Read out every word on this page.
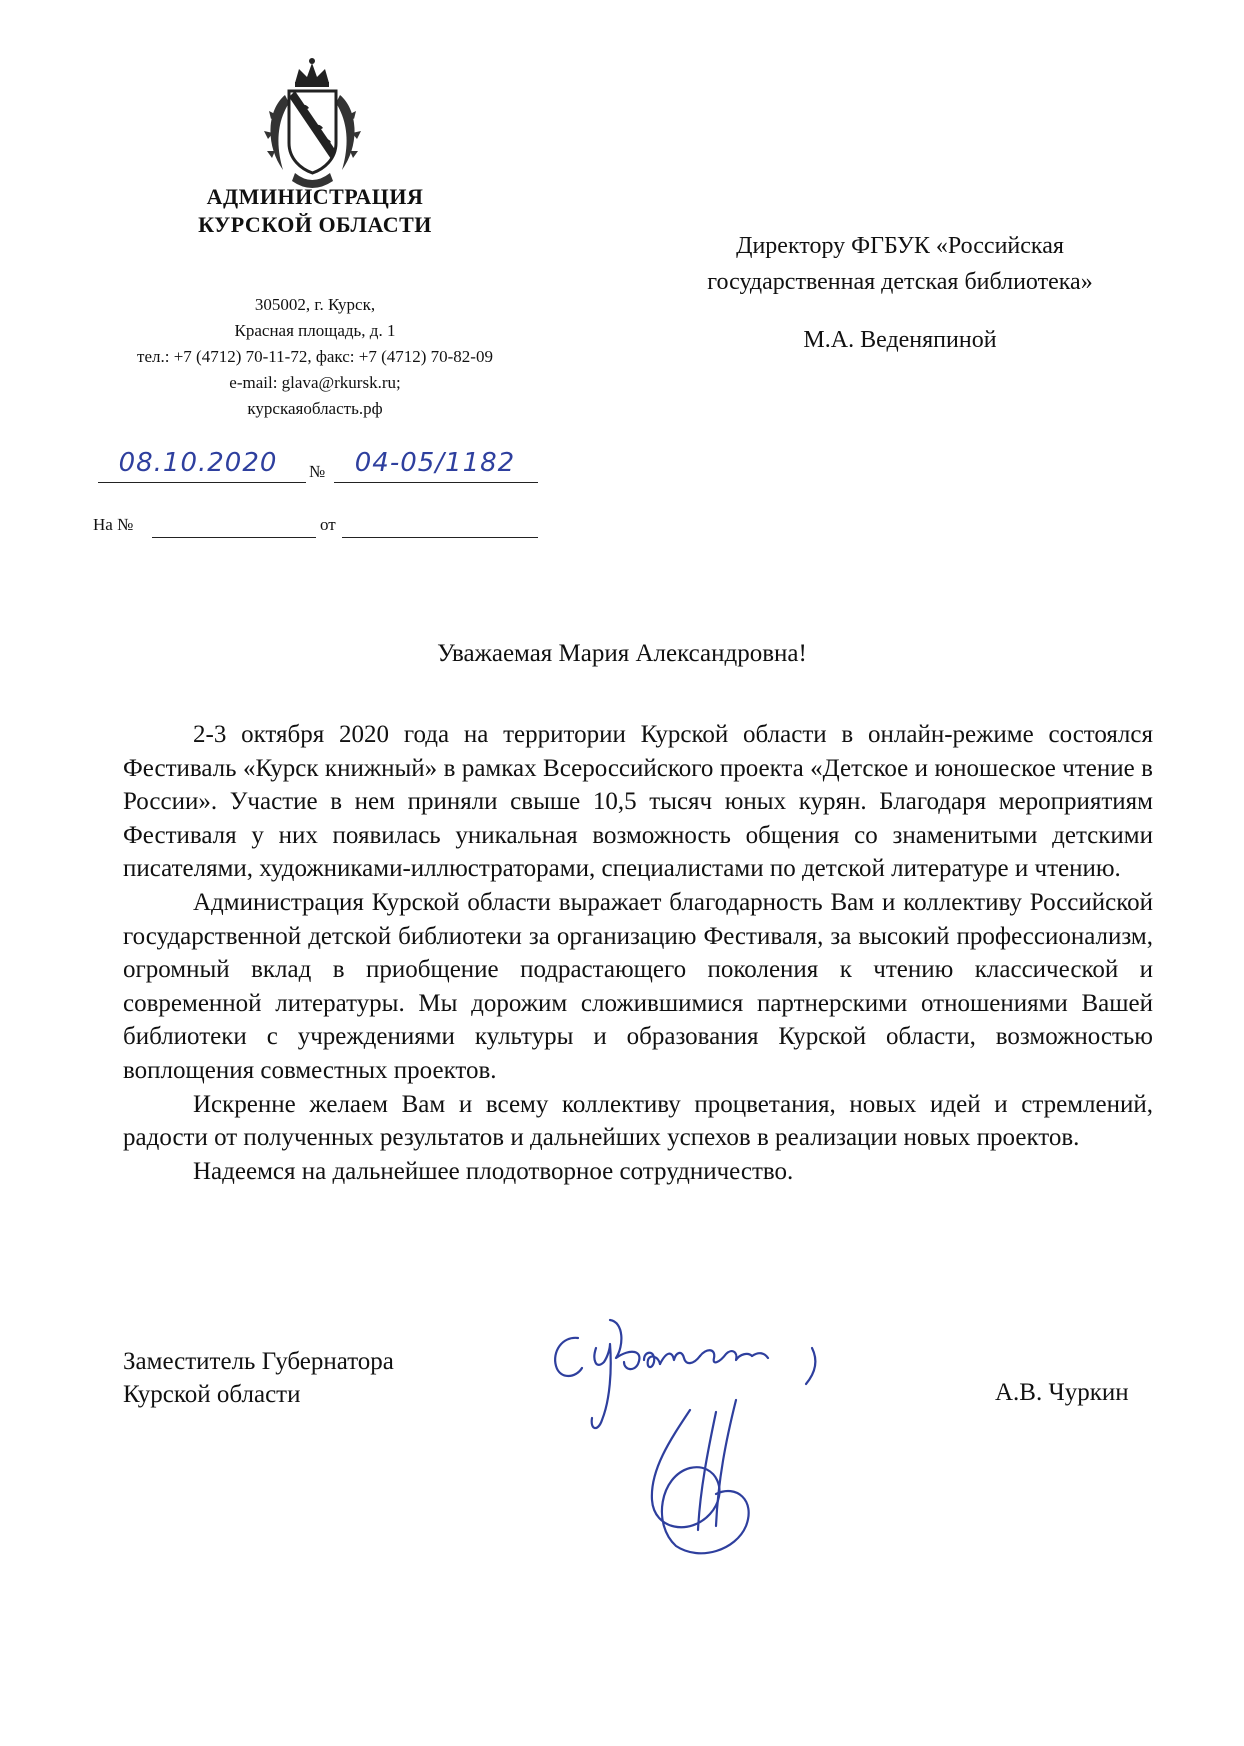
АДМИНИСТРАЦИЯ
КУРСКОЙ ОБЛАСТИ
305002, г. Курск,
Красная площадь, д. 1
тел.: +7 (4712) 70-11-72, факс: +7 (4712) 70-82-09
e-mail: glava@rkursk.ru;
курскаяобласть.рф
08.10.2020	№	04-05/1182
На №	от
Директору ФГБУК «Российская
государственная детская библиотека»
М.А. Веденяпиной
Уважаемая Мария Александровна!

2-3 октября 2020 года на территории Курской области в онлайн-режиме состоялся Фестиваль «Курск книжный» в рамках Всероссийского проекта «Детское и юношеское чтение в России». Участие в нем приняли свыше 10,5 тысяч юных курян. Благодаря мероприятиям Фестиваля у них появилась уникальная возможность общения со знаменитыми детскими писателями, художниками-иллюстраторами, специалистами по детской литературе и чтению.

Администрация Курской области выражает благодарность Вам и коллективу Российской государственной детской библиотеки за организацию Фестиваля, за высокий профессионализм, огромный вклад в приобщение подрастающего поколения к чтению классической и современной литературы. Мы дорожим сложившимися партнерскими отношениями Вашей библиотеки с учреждениями культуры и образования Курской области, возможностью воплощения совместных проектов.

Искренне желаем Вам и всему коллективу процветания, новых идей и стремлений, радости от полученных результатов и дальнейших успехов в реализации новых проектов.

Надеемся на дальнейшее плодотворное сотрудничество.

Заместитель Губернатора
Курской области	А.В. Чуркин
